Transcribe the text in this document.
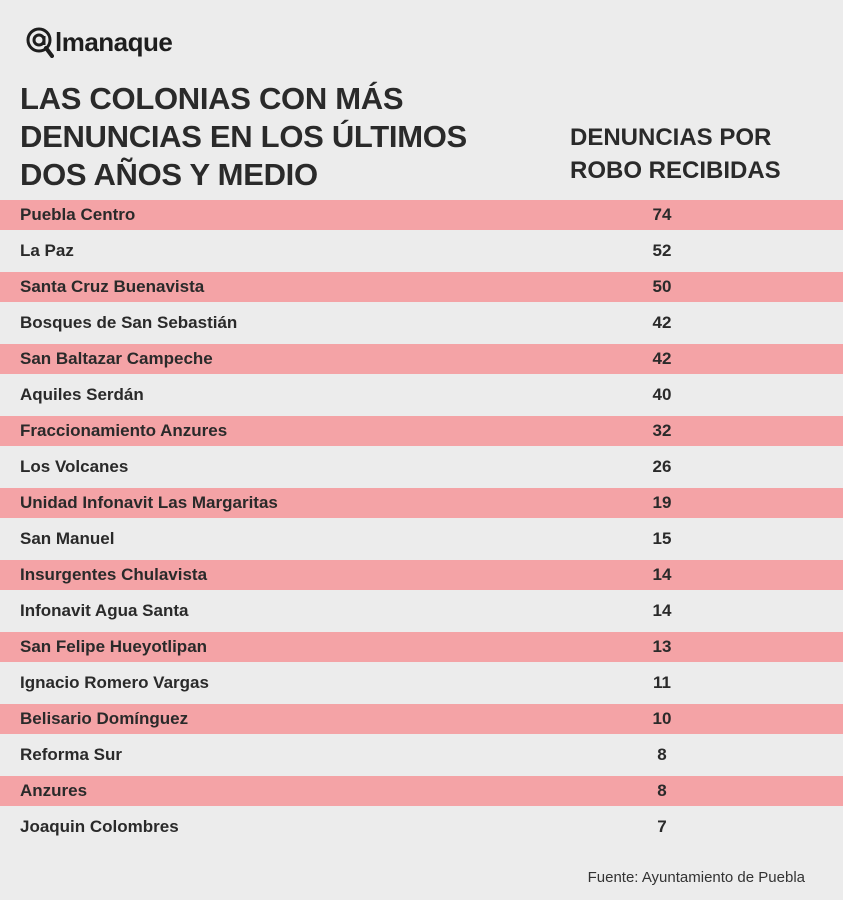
lmanaque
LAS COLONIAS CON MÁS
DENUNCIAS EN LOS ÚLTIMOS
DOS AÑOS Y MEDIO
DENUNCIAS POR
ROBO RECIBIDAS
Puebla Centro	74
La Paz	52
Santa Cruz Buenavista	50
Bosques de San Sebastián	42
San Baltazar Campeche	42
Aquiles Serdán	40
Fraccionamiento Anzures	32
Los Volcanes	26
Unidad Infonavit Las Margaritas	19
San Manuel	15
Insurgentes Chulavista	14
Infonavit Agua Santa	14
San Felipe Hueyotlipan	13
Ignacio Romero Vargas	11
Belisario Domínguez	10
Reforma Sur	8
Anzures	8
Joaquin Colombres	7
Fuente: Ayuntamiento de Puebla
